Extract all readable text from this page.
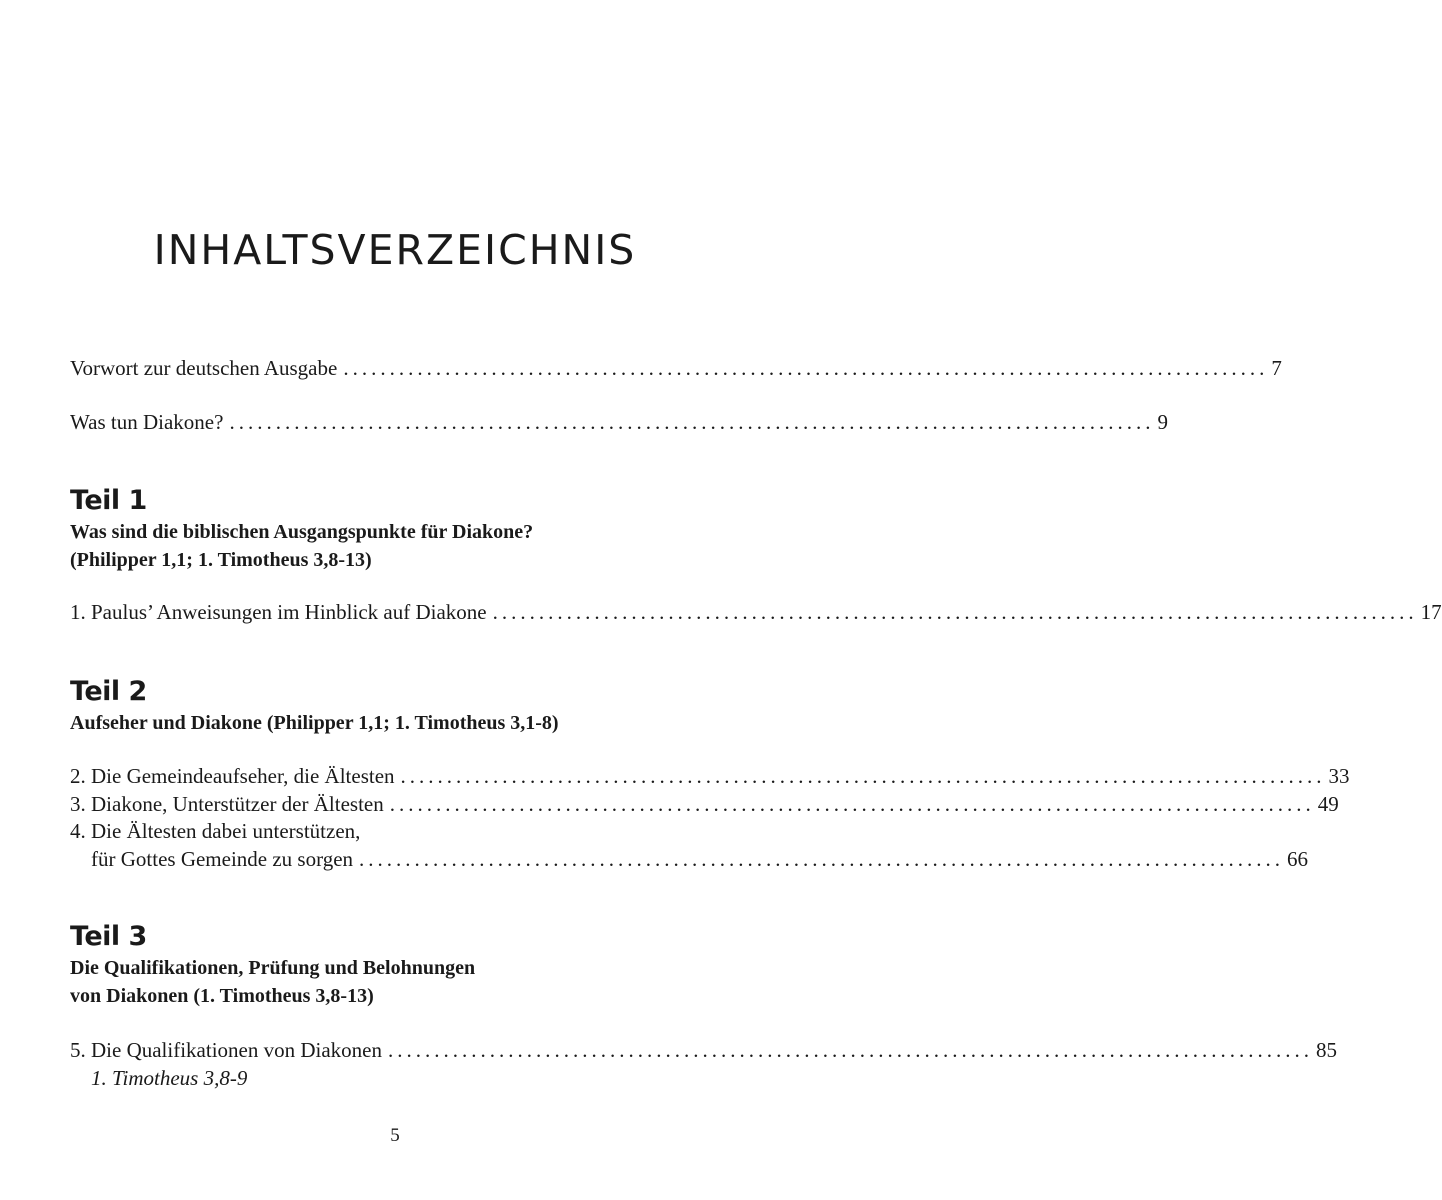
INHALTSVERZEICHNIS
Vorwort zur deutschen Ausgabe .................................................................................................... 7
Was tun Diakone? .................................................................................................... 9
Teil 1
Was sind die biblischen Ausgangspunkte für Diakone?
(Philipper 1,1; 1. Timotheus 3,8-13)
1. Paulus’ Anweisungen im Hinblick auf Diakone .................................................................................................... 17
Teil 2
Aufseher und Diakone (Philipper 1,1; 1. Timotheus 3,1-8)
2. Die Gemeindeaufseher, die Ältesten .................................................................................................... 33
3. Diakone, Unterstützer der Ältesten .................................................................................................... 49
4. Die Ältesten dabei unterstützen,
für Gottes Gemeinde zu sorgen .................................................................................................... 66
Teil 3
Die Qualifikationen, Prüfung und Belohnungen
von Diakonen (1. Timotheus 3,8-13)
5. Die Qualifikationen von Diakonen .................................................................................................... 85
1. Timotheus 3,8-9
5
